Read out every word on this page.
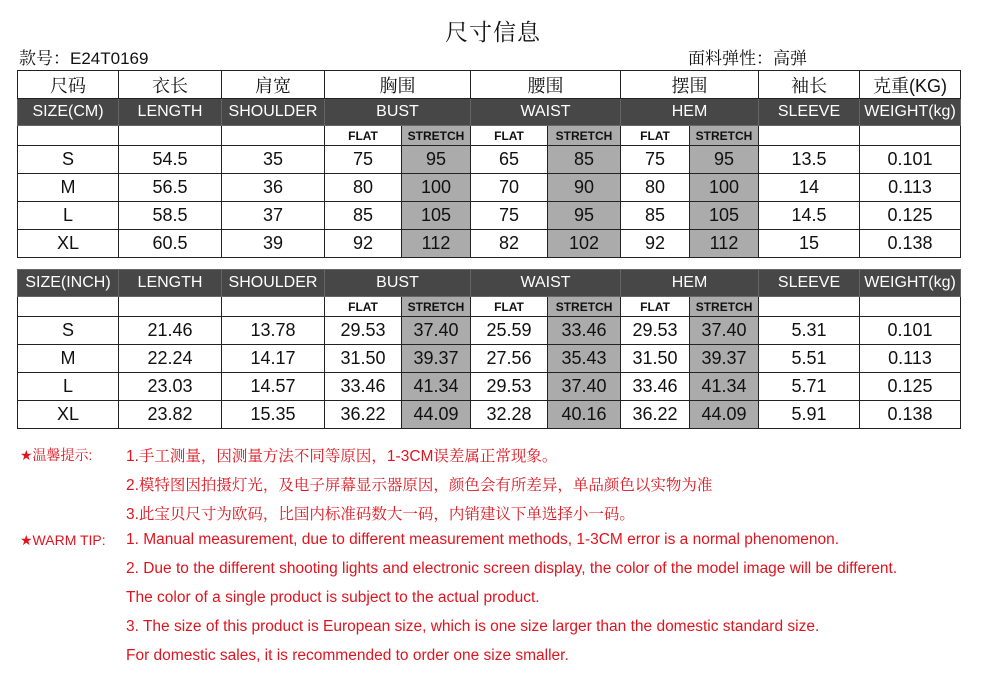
尺寸信息
款号：E24T0169	面料弹性：高弹
尺码	衣长	肩宽	胸围		腰围		摆围		袖长	克重(KG)
SIZE(CM)	LENGTH	SHOULDER	BUST		WAIST		HEM		SLEEVE	WEIGHT(kg)
			FLAT	STRETCH	FLAT	STRETCH	FLAT	STRETCH		
S	54.5	35	75	95	65	85	75	95	13.5	0.101
M	56.5	36	80	100	70	90	80	100	14	0.113
L	58.5	37	85	105	75	95	85	105	14.5	0.125
XL	60.5	39	92	112	82	102	92	112	15	0.138
SIZE(INCH)	LENGTH	SHOULDER	BUST		WAIST		HEM		SLEEVE	WEIGHT(kg)
			FLAT	STRETCH	FLAT	STRETCH	FLAT	STRETCH		
S	21.46	13.78	29.53	37.40	25.59	33.46	29.53	37.40	5.31	0.101
M	22.24	14.17	31.50	39.37	27.56	35.43	31.50	39.37	5.51	0.113
L	23.03	14.57	33.46	41.34	29.53	37.40	33.46	41.34	5.71	0.125
XL	23.82	15.35	36.22	44.09	32.28	40.16	36.22	44.09	5.91	0.138
★温馨提示: 1.手工测量，因测量方法不同等原因，1-3CM误差属正常现象。
2.模特图因拍摄灯光，及电子屏幕显示器原因，颜色会有所差异，单品颜色以实物为准
3.此宝贝尺寸为欧码，比国内标准码数大一码，内销建议下单选择小一码。
★WARM TIP: 1. Manual measurement, due to different measurement methods, 1-3CM error is a normal phenomenon.
2. Due to the different shooting lights and electronic screen display, the color of the model image will be different.
The color of a single product is subject to the actual product.
3. The size of this product is European size, which is one size larger than the domestic standard size.
For domestic sales, it is recommended to order one size smaller.
